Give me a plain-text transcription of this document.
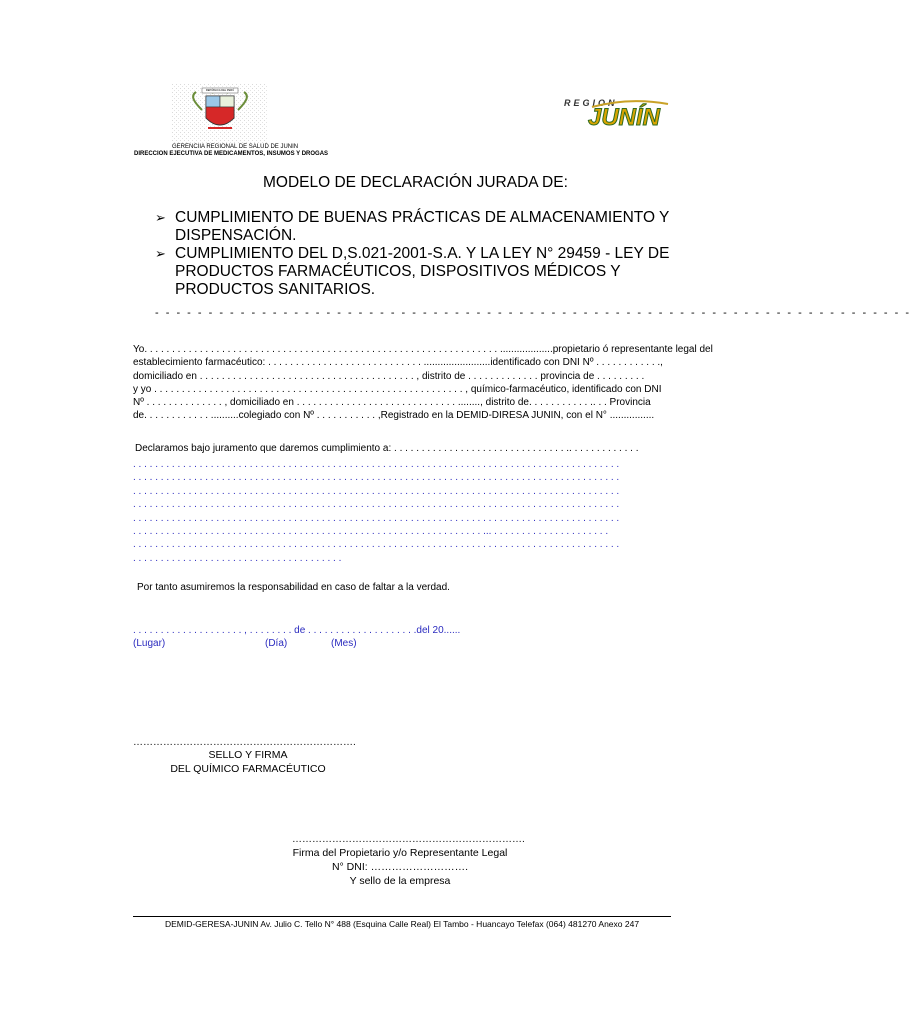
REPÚBLICA DEL PERÚ
GERENCIIA REGIONAL DE SALUD DE JUNIN
DIRECCION EJECUTIVA DE MEDICAMENTOS, INSUMOS Y DROGAS
REGION
JUNÍN
MODELO DE DECLARACIÓN JURADA DE:
➢ CUMPLIMIENTO DE BUENAS PRÁCTICAS DE ALMACENAMIENTO Y DISPENSACIÓN.
➢ CUMPLIMIENTO DEL D,S.021-2001-S.A. Y LA LEY N° 29459 - LEY DE PRODUCTOS FARMACÉUTICOS, DISPOSITIVOS MÉDICOS Y PRODUCTOS SANITARIOS.
- - - - - - - - - - - - - - - - - - - - - - - - - - - - - - - - - - - - - - - - - - - - - - - - - - - - - - - - - - - - - - - - - - - - - - -

Yo. . . . . . . . . . . . . . . . . . . . . . . . . . . . . . . . . . . . . . . . . . . . . . . . . . . . . . . . . . . . . . . . ...................propietario ó representante legal del

establecimiento farmacéutico: . . . . . . . . . . . . . . . . . . . . . . . . . . . . ........................identificado con DNI Nº . . . . . . . . . . . .,

domiciliado en . . . . . . . . . . . . . . . . . . . . . . . . . . . . . . . . . . . . . . . , distrito de . . . . . . . . . . . . . provincia de . . . . . . . . .

y yo . . . . . . . . . . . . . . . . . . . . . . . . . . . . . . . . . . . . . . . . . . . . . . . . . . . . . . . . , químico-farmacéutico, identificado con DNI

Nº . . . . . . . . . . . . . . , domiciliado en . . . . . . . . . . . . . . . . . . . . . . . . . . . . . ........, distrito de. . . . . . . . . . . .. . . Provincia

de. . . . . . . . . . . . ..........colegiado con Nº . . . . . . . . . . . ,Registrado en la DEMID-DIRESA JUNIN, con el N° ................

Declaramos bajo juramento que daremos cumplimiento a: . . . . . . . . . . . . . . . . . . . . . . . . . . . . . . . .. . . . . . . . . . . . .
. . . . . . . . . . . . . . . . . . . . . . . . . . . . . . . . . . . . . . . . . . . . . . . . . . . . . . . . . . . . . . . . . . . . . . . . . . . . . . . . . . . . . . . .
. . . . . . . . . . . . . . . . . . . . . . . . . . . . . . . . . . . . . . . . . . . . . . . . . . . . . . . . . . . . . . . . . . . . . . . . . . . . . . . . . . . . . . . .
. . . . . . . . . . . . . . . . . . . . . . . . . . . . . . . . . . . . . . . . . . . . . . . . . . . . . . . . . . . . . . . . . . . . . . . . . . . . . . . . . . . . . . . .
. . . . . . . . . . . . . . . . . . . . . . . . . . . . . . . . . . . . . . . . . . . . . . . . . . . . . . . . . . . . . . . . . . . . . . . . . . . . . . . . . . . . . . . .
. . . . . . . . . . . . . . . . . . . . . . . . . . . . . . . . . . . . . . . . . . . . . . . . . . . . . . . . . . . . . . . . . . . . . . . . . . . . . . . . . . . . . . . .
. . . . . . . . . . . . . . . . . . . . . . . . . . . . . . . . . . . . . . . . . . . . . . . . . . . . . . . . . . . . . . . ... . . . . . . . . . . . . . . . . . . . . .
. . . . . . . . . . . . . . . . . . . . . . . . . . . . . . . . . . . . . . . . . . . . . . . . . . . . . . . . . . . . . . . . . . . . . . . . . . . . . . . . . . . . . . . .
. . . . . . . . . . . . . . . . . . . . . . . . . . . . . . . . . . . . . .
Por tanto asumiremos la responsabilidad en caso de faltar a la verdad.
. . . . . . . . . . . . . . . . . . . . , . . . . . . . . de . . . . . . . . . . . . . . . . . . . .del 20......
(Lugar)	(Día)	(Mes)
………………………………………………………….
SELLO Y FIRMA
DEL QUÍMICO FARMACÉUTICO
…………………………………………………………….
Firma del Propietario y/o Representante Legal
N° DNI: ……………………….
Y sello de la empresa
DEMID-GERESA-JUNIN Av. Julio C. Tello N° 488 (Esquina Calle Real) El Tambo - Huancayo Telefax (064) 481270 Anexo 247
